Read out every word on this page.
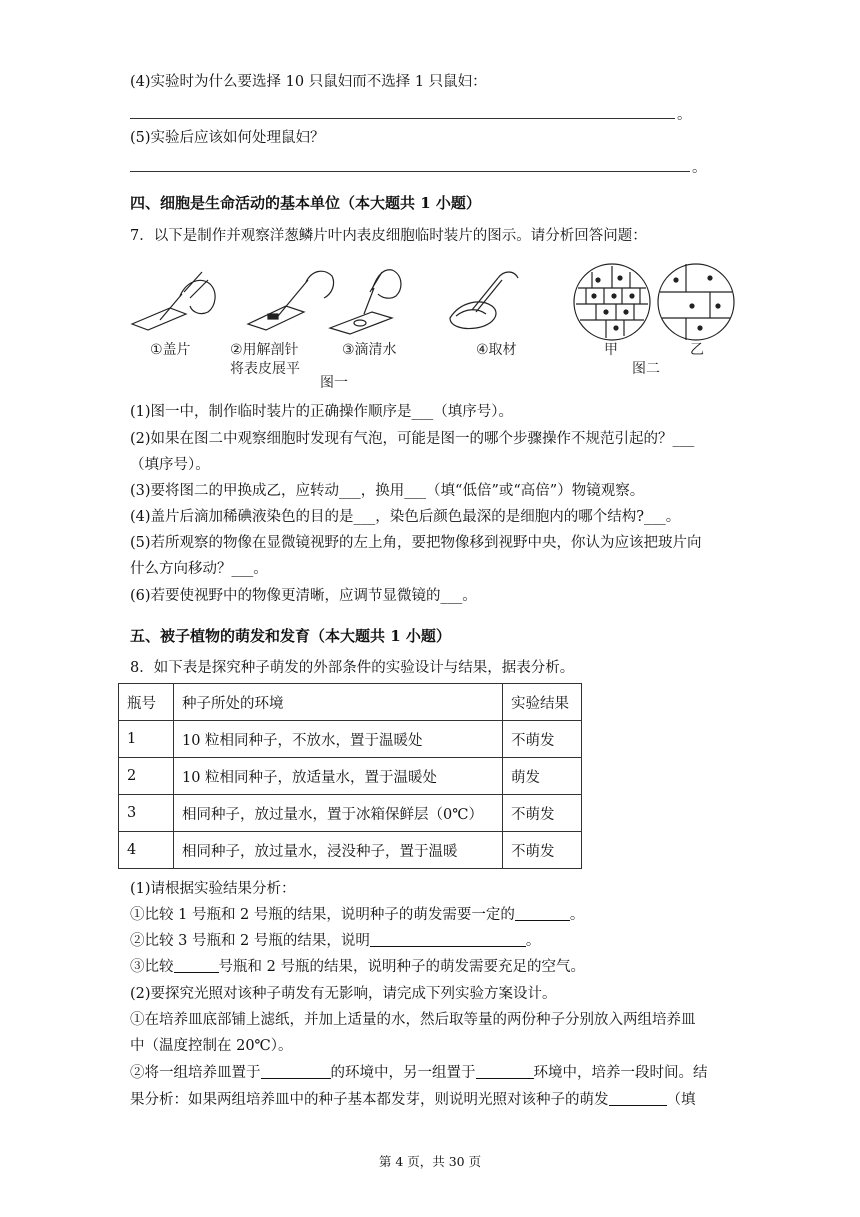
(4)实验时为什么要选择 10 只鼠妇而不选择 1 只鼠妇：
。
(5)实验后应该如何处理鼠妇？
。
四、细胞是生命活动的基本单位（本大题共 1 小题）
7．以下是制作并观察洋葱鳞片叶内表皮细胞临时装片的图示。请分析回答问题：
①盖片	②用解剖针
将表皮展平
③滴清水	④取材
图一
甲	乙
图二
(1)图一中，制作临时装片的正确操作顺序是___（填序号）。
(2)如果在图二中观察细胞时发现有气泡，可能是图一的哪个步骤操作不规范引起的？___
（填序号）。
(3)要将图二的甲换成乙，应转动___，换用___（填“低倍”或“高倍”）物镜观察。
(4)盖片后滴加稀碘液染色的目的是___，染色后颜色最深的是细胞内的哪个结构?___。
(5)若所观察的物像在显微镜视野的左上角，要把物像移到视野中央，你认为应该把玻片向
什么方向移动？___。
(6)若要使视野中的物像更清晰，应调节显微镜的___。
五、被子植物的萌发和发育（本大题共 1 小题）
8．如下表是探究种子萌发的外部条件的实验设计与结果，据表分析。
瓶号	种子所处的环境	实验结果
1	10 粒相同种子，不放水，置于温暖处	不萌发
2	10 粒相同种子，放适量水，置于温暖处	萌发
3	相同种子，放过量水，置于冰箱保鲜层（0℃）	不萌发
4	相同种子，放过量水，浸没种子，置于温暖	不萌发
(1)请根据实验结果分析：
①比较 1 号瓶和 2 号瓶的结果，说明种子的萌发需要一定的	。
②比较 3 号瓶和 2 号瓶的结果，说明	。
③比较	号瓶和 2 号瓶的结果，说明种子的萌发需要充足的空气。
(2)要探究光照对该种子萌发有无影响，请完成下列实验方案设计。
①在培养皿底部铺上滤纸，并加上适量的水，然后取等量的两份种子分别放入两组培养皿
中（温度控制在 20℃）。
②将一组培养皿置于	的环境中，另一组置于	环境中，培养一段时间。结
果分析：如果两组培养皿中的种子基本都发芽，则说明光照对该种子的萌发	（填
第 4 页，共 30 页
